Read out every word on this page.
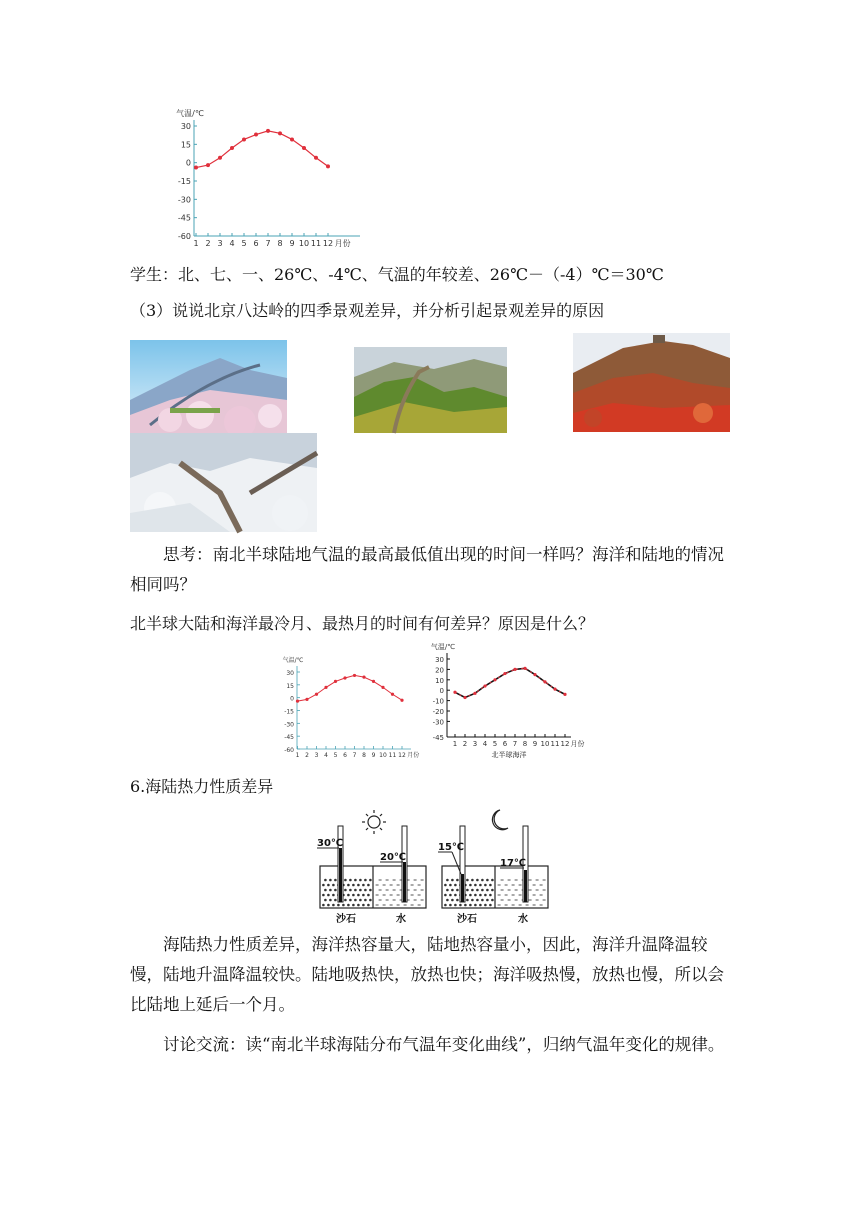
气温/℃
30
15
0
-15
-30
-45
-60
1 2 3 4 5 6 7 8 9 10 11 12 月份
学生：北、七、一、26℃、-4℃、气温的年较差、26℃－（-4）℃＝30℃
（3）说说北京八达岭的四季景观差异，并分析引起景观差异的原因
思考：南北半球陆地气温的最高最低值出现的时间一样吗？海洋和陆地的情况相同吗？
北半球大陆和海洋最冷月、最热月的时间有何差异？原因是什么？
气温/℃
30
15
0
-15
-30
-45
-60
1 2 3 4 5 6 7 8 9 10 11 12 月份
气温/℃
30
20
10
0
-10
-20
-30
-45
1 2 3 4 5 6 7 8 9 10 11 12 月份
北半球海洋
6.海陆热力性质差异
30℃
20℃
15℃
17℃
沙石	水	沙石	水
海陆热力性质差异，海洋热容量大，陆地热容量小，因此，海洋升温降温较慢，陆地升温降温较快。陆地吸热快，放热也快；海洋吸热慢，放热也慢，所以会比陆地上延后一个月。
讨论交流：读“南北半球海陆分布气温年变化曲线”，归纳气温年变化的规律。
